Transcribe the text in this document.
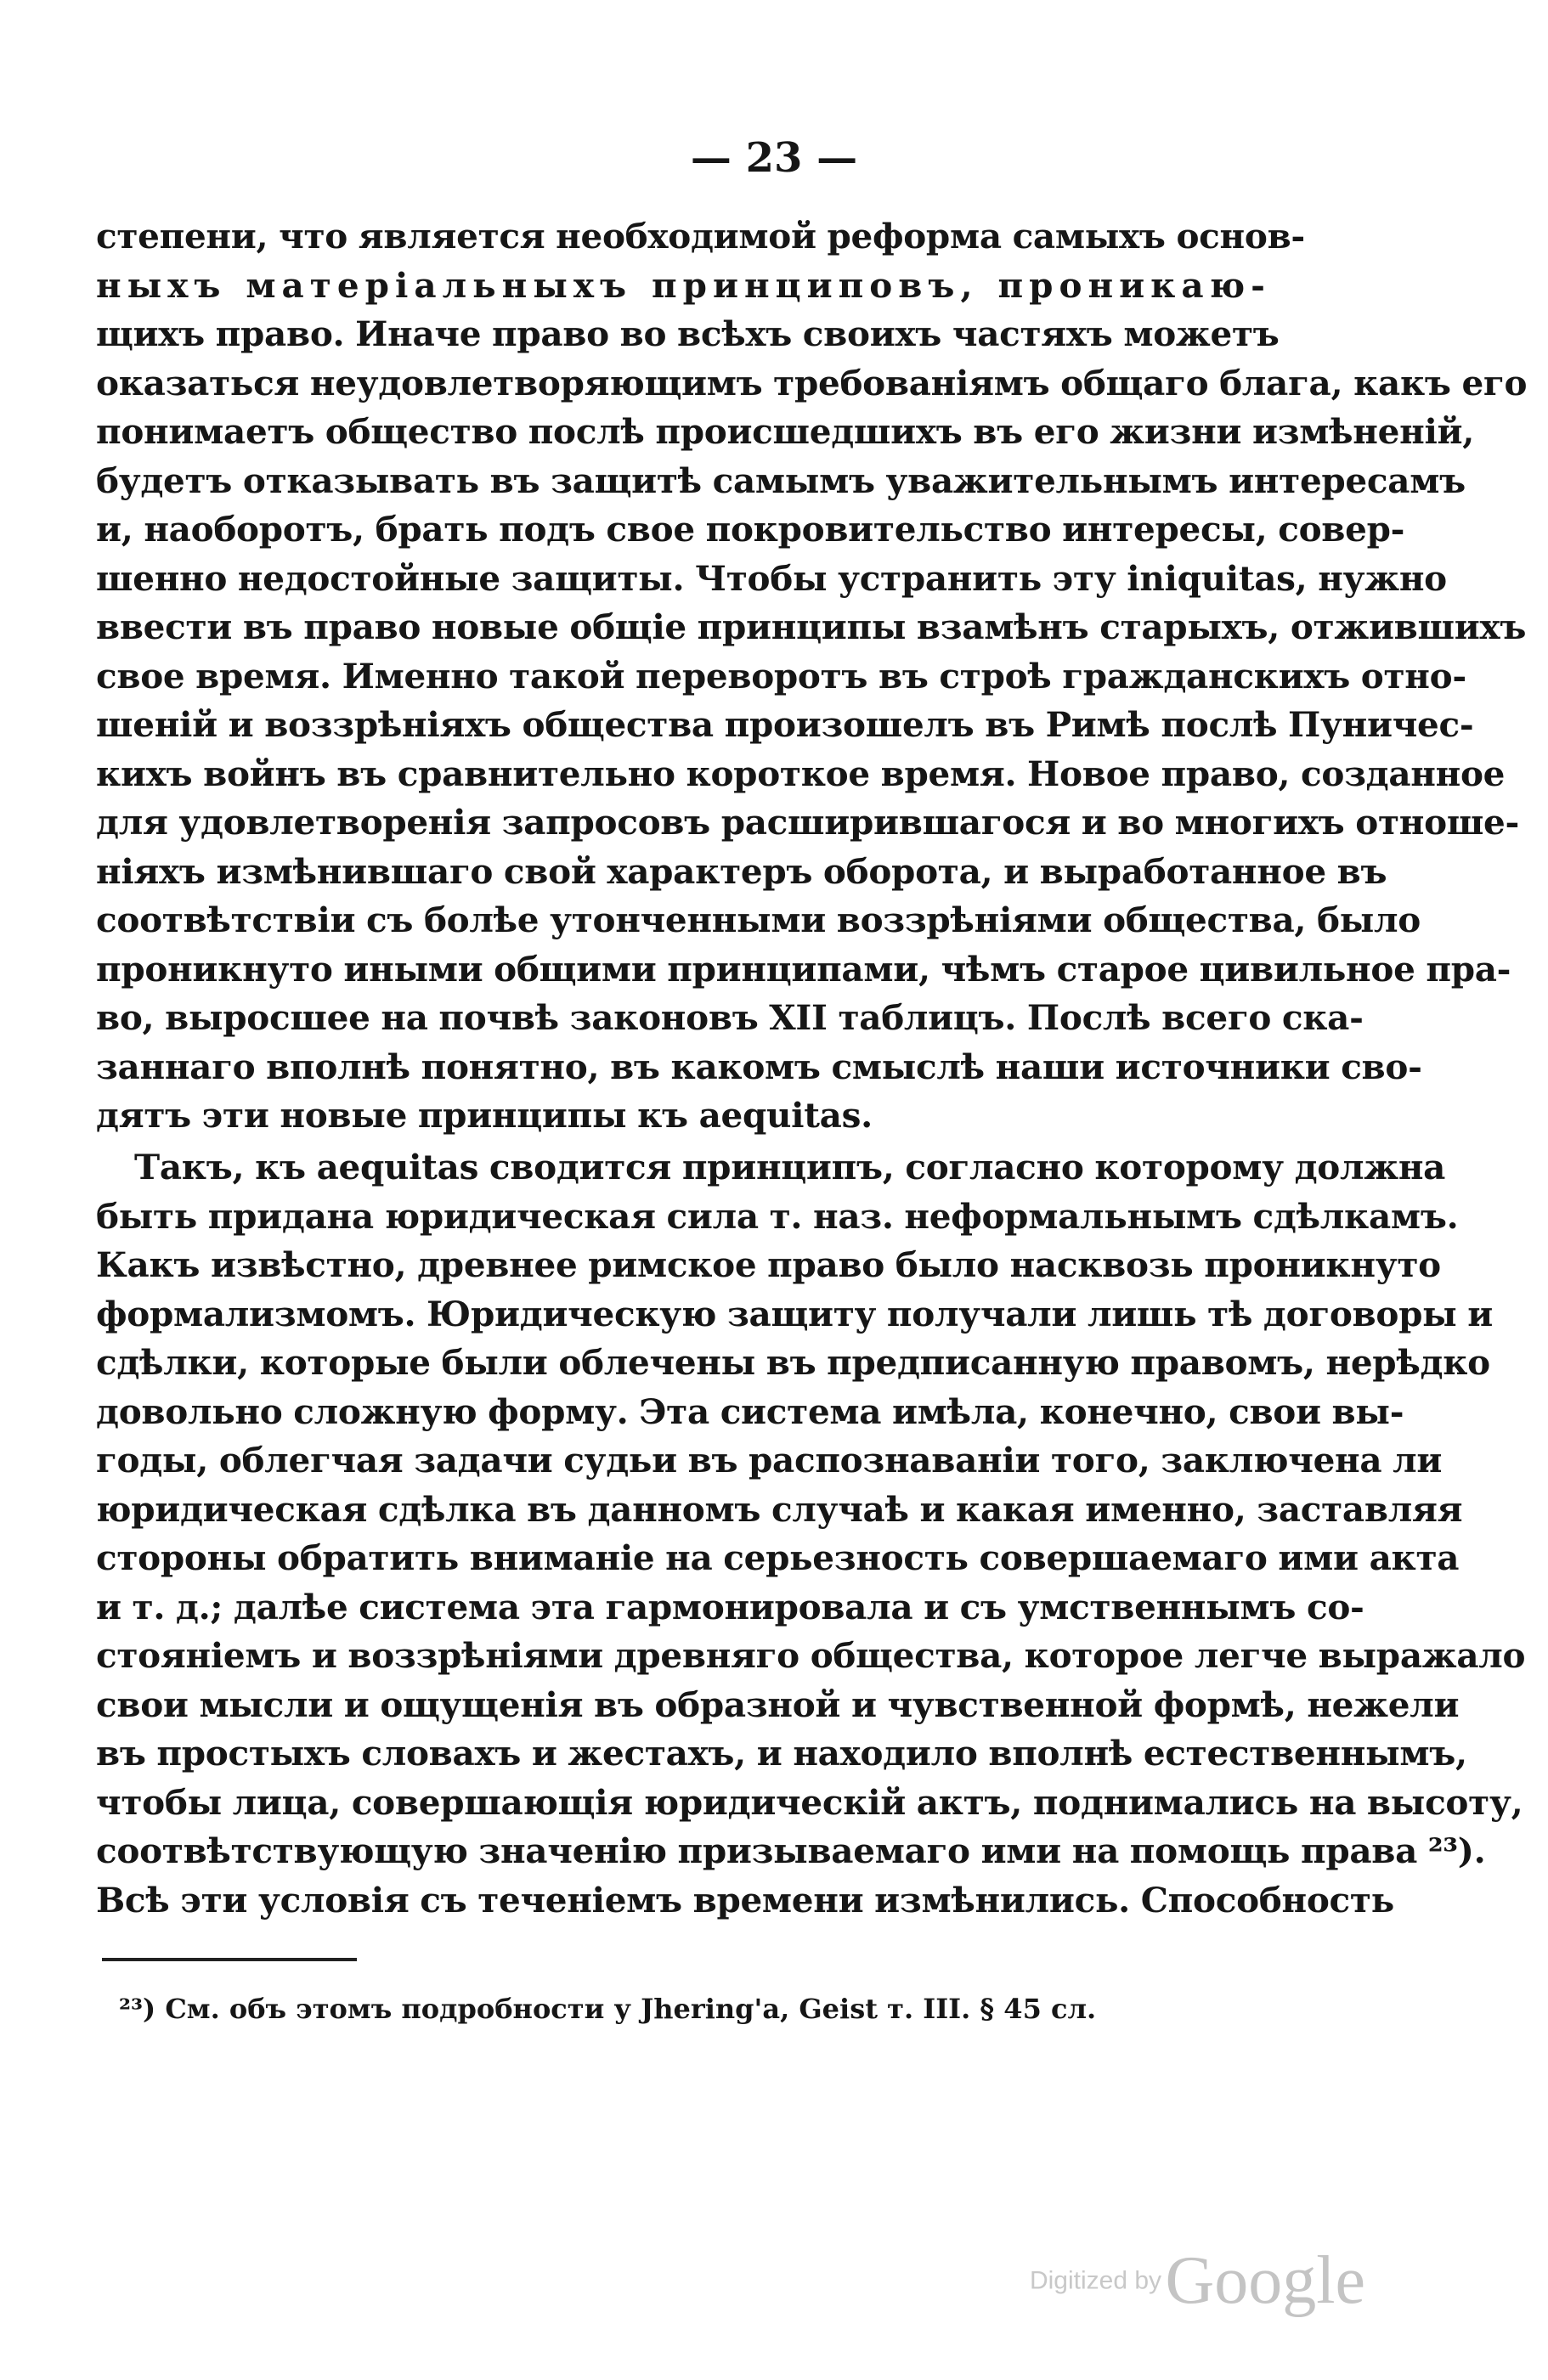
— 23 —
степени, что является необходимой реформа самыхъ основ-
ныхъ матеріальныхъ принциповъ, проникаю-
щихъ право. Иначе право во всѣхъ своихъ частяхъ можетъ
оказаться неудовлетворяющимъ требованіямъ общаго блага, какъ его
понимаетъ общество послѣ происшедшихъ въ его жизни измѣненій,
будетъ отказывать въ защитѣ самымъ уважительнымъ интересамъ
и, наоборотъ, брать подъ свое покровительство интересы, совер-
шенно недостойные защиты. Чтобы устранить эту iniquitas, нужно
ввести въ право новые общіе принципы взамѣнъ старыхъ, отжившихъ
свое время. Именно такой переворотъ въ строѣ гражданскихъ отно-
шеній и воззрѣніяхъ общества произошелъ въ Римѣ послѣ Пуничес-
кихъ войнъ въ сравнительно короткое время. Новое право, созданное
для удовлетворенія запросовъ расширившагося и во многихъ отноше-
ніяхъ измѣнившаго свой характеръ оборота, и выработанное въ
соотвѣтствіи съ болѣе утонченными воззрѣніями общества, было
проникнуто иными общими принципами, чѣмъ старое цивильное пра-
во, выросшее на почвѣ законовъ XII таблицъ. Послѣ всего ска-
заннаго вполнѣ понятно, въ какомъ смыслѣ наши источники сво-
дятъ эти новые принципы къ aequitas.
Такъ, къ aequitas сводится принципъ, согласно которому должна
быть придана юридическая сила т. наз. неформальнымъ сдѣлкамъ.
Какъ извѣстно, древнее римское право было насквозь проникнуто
формализмомъ. Юридическую защиту получали лишь тѣ договоры и
сдѣлки, которые были облечены въ предписанную правомъ, нерѣдко
довольно сложную форму. Эта система имѣла, конечно, свои вы-
годы, облегчая задачи судьи въ распознаваніи того, заключена ли
юридическая сдѣлка въ данномъ случаѣ и какая именно, заставляя
стороны обратить вниманіе на серьезность совершаемаго ими акта
и т. д.; далѣе система эта гармонировала и съ умственнымъ со-
стояніемъ и воззрѣніями древняго общества, которое легче выражало
свои мысли и ощущенія въ образной и чувственной формѣ, нежели
въ простыхъ словахъ и жестахъ, и находило вполнѣ естественнымъ,
чтобы лица, совершающія юридическій актъ, поднимались на высоту,
соотвѣтствующую значенію призываемаго ими на помощь права ²³).
Всѣ эти условія съ теченіемъ времени измѣнились. Способность

²³) См. объ этомъ подробности у Jhering'a, Geist т. III. § 45 сл.

Digitized by Google
